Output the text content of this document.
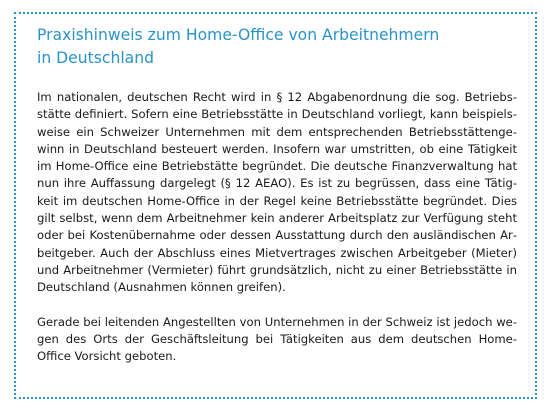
Praxishinweis zum Home-Office von Arbeitnehmern
in Deutschland

Im nationalen, deutschen Recht wird in § 12 Abgabenordnung die sog. Betriebsstätte definiert. Sofern eine Betriebsstätte in Deutschland vorliegt, kann beispielsweise ein Schweizer Unternehmen mit dem entsprechenden Betriebsstättengewinn in Deutschland besteuert werden. Insofern war umstritten, ob eine Tätigkeit im Home-Office eine Betriebstätte begründet. Die deutsche Finanzverwaltung hat nun ihre Auffassung dargelegt (§ 12 AEAO). Es ist zu begrüssen, dass eine Tätigkeit im deutschen Home-Office in der Regel keine Betriebsstätte begründet. Dies gilt selbst, wenn dem Arbeitnehmer kein anderer Arbeitsplatz zur Verfügung steht oder bei Kostenübernahme oder dessen Ausstattung durch den ausländischen Arbeitgeber. Auch der Abschluss eines Mietvertrages zwischen Arbeitgeber (Mieter) und Arbeitnehmer (Vermieter) führt grundsätzlich, nicht zu einer Betriebsstätte in Deutschland (Ausnahmen können greifen).

Gerade bei leitenden Angestellten von Unternehmen in der Schweiz ist jedoch wegen des Orts der Geschäftsleitung bei Tätigkeiten aus dem deutschen Home-Office Vorsicht geboten.
